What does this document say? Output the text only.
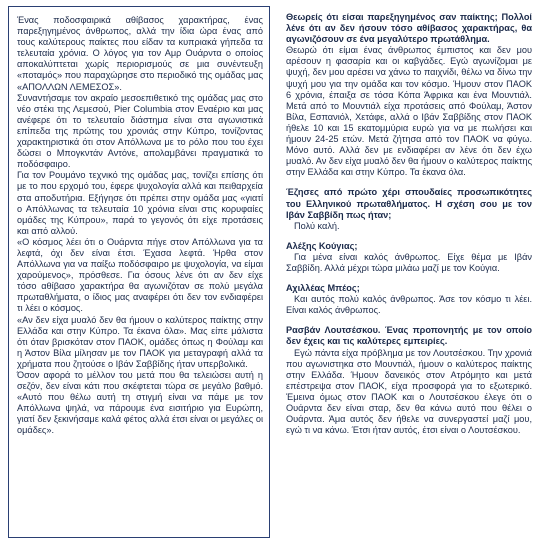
Ένας ποδοσφαιρικά αθίβασος χαρακτήρας, ένας παρεξηγημένος άνθρωπος, αλλά την ίδια ώρα ένας από τους καλύτερους παίκτες που είδαν τα κυπριακά γήπεδα τα τελευταία χρόνια. Ο λόγος για τον Αμρ Ουάρντα ο οποίος αποκαλύπτεται χωρίς περιορισμούς σε μια συνέντευξη «ποταμός» που παραχώρησε στο περιοδικό της ομάδας μας «ΑΠΟΛΛΩΝ ΛΕΜΕΣΟΣ».

Συναντήσαμε τον ακραίο μεσοεπιθετικό της ομάδας μας στο νέο στέκι της Λεμεσού, Pier Columbia στον Εναέριο και μας ανέφερε ότι το τελευταίο διάστημα είναι στα αγωνιστικά επίπεδα της πρώτης του χρονιάς στην Κύπρο, τονίζοντας χαρακτηριστικά ότι στον Απόλλωνα με το ρόλο που του έχει δώσει ο Μπογκντάν Αντόνε, απολαμβάνει πραγματικά το ποδόσφαιρο.

Για τον Ρουμάνο τεχνικό της ομάδας μας, τονίζει επίσης ότι με το που ερχομό του, έφερε ψυχολογία αλλά και πειθαρχεία στα αποδυτήρια. Εξήγησε ότι πρέπει στην ομάδα μας «γιατί ο Απόλλωνας τα τελευταία 10 χρόνια είναι στις κορυφαίες ομάδες της Κύπρου», παρά το γεγονός ότι είχε προτάσεις και από αλλού.

«Ο κόσμος λέει ότι ο Ουάρντα πήγε στον Απόλλωνα για τα λεφτά, όχι δεν είναι έτσι. Έχασα λεφτά. Ήρθα στον Απόλλωνα για να παίξω ποδόσφαιρο με ψυχολογία, να είμαι χαρούμενος», πρόσθεσε. Για όσους λένε ότι αν δεν είχε τόσο αθίβασο χαρακτήρα θα αγωνιζόταν σε πολύ μεγάλα πρωταθλήματα, ο ίδιος μας αναφέρει ότι δεν τον ενδιαφέρει τι λέει ο κόσμος.

«Αν δεν είχα μυαλό δεν θα ήμουν ο καλύτερος παίκτης στην Ελλάδα και στην Κύπρο. Τα έκανα όλα». Μας είπε μάλιστα ότι όταν βρισκόταν στον ΠΑΟΚ, ομάδες όπως η Φούλαμ και η Άστον Βίλα μίλησαν με τον ΠΑΟΚ για μεταγραφή αλλά τα χρήματα που ζητούσε ο Ιβάν Σαββίδης ήταν υπερβολικά.

Όσον αφορά το μέλλον του μετά που θα τελειώσει αυτή η σεζόν, δεν είναι κάτι που σκέφτεται τώρα σε μεγάλο βαθμό. «Αυτό που θέλω αυτή τη στιγμή είναι να πάμε με τον Απόλλωνα ψηλά, να πάρουμε ένα εισιτήριο για Ευρώπη, γιατί δεν ξεκινήσαμε καλά φέτος αλλά έτσι είναι οι μεγάλες οι ομάδες».

Θεωρείς ότι είσαι παρεξηγημένος σαν παίκτης; Πολλοί λένε ότι αν δεν ήσουν τόσο αθίβασος χαρακτήρας, θα αγωνιζόσουν σε ένα μεγαλύτερο πρωτάθλημα.

Θεωρώ ότι είμαι ένας άνθρωπος έμπιστος και δεν μου αρέσουν η φασαρία και οι καβγάδες. Εγώ αγωνίζομαι με ψυχή, δεν μου αρέσει να χάνω το παιχνίδι, θέλω να δίνω την ψυχή μου για την ομάδα και τον κόσμο. Ήμουν στον ΠΑΟΚ 6 χρόνια, έπαιξα σε τόσα Κόπα Άφρικα και ένα Μουντιάλ. Μετά από το Μουντιάλ είχα προτάσεις από Φούλαμ, Άστον Βίλα, Εσπανιόλ, Χετάφε, αλλά ο Ιβάν Σαββίδης στον ΠΑΟΚ ήθελε 10 και 15 εκατομμύρια ευρώ για να με πωλήσει και ήμουν 24-25 ετών. Μετά ζήτησα από τον ΠΑΟΚ να φύγω. Μόνο αυτό. Αλλά δεν με ενδιαφέρει αν λένε ότι δεν έχω μυαλό. Αν δεν είχα μυαλό δεν θα ήμουν ο καλύτερος παίκτης στην Ελλάδα και στην Κύπρο. Τα έκανα όλα.

Έζησες από πρώτο χέρι σπουδαίες προσωπικότητες του Ελληνικού πρωταθλήματος. Η σχέση σου με τον Ιβάν Σαββίδη πως ήταν;

Πολύ καλή.

Αλέξης Κούγιας;

Για μένα είναι καλός άνθρωπος. Είχε θέμα με Ιβάν Σαββίδη. Αλλά μέχρι τώρα μιλάω μαζί με τον Κούγια.

Αχιλλέας Μπέος;

Και αυτός πολύ καλός άνθρωπος. Άσε τον κόσμο τι λέει. Είναι καλός άνθρωπος.

Ρασβάν Λουτσέσκου. Ένας προπονητής με τον οποίο δεν έχεις και τις καλύτερες εμπειρίες.

Εγώ πάντα είχα πρόβλημα με τον Λουτσέσκου. Την χρονιά που αγωνιστηκα στο Μουντιάλ, ήμουν ο καλύτερος παίκτης στην Ελλάδα. Ήμουν δανεικός στον Ατρόμητο και μετά επέστρεψα στον ΠΑΟΚ, είχα προσφορά για το εξωτερικό. Έμεινα όμως στον ΠΑΟΚ και ο Λουτσέσκου έλεγε ότι ο Ουάρντα δεν είναι σταρ, δεν θα κάνω αυτό που θέλει ο Ουάρντα. Άμα αυτός δεν ήθελε να συνεργαστεί μαζί μου, εγώ τι να κάνω. Έτσι ήταν αυτός, έτσι είναι ο Λουτσέσκου.
